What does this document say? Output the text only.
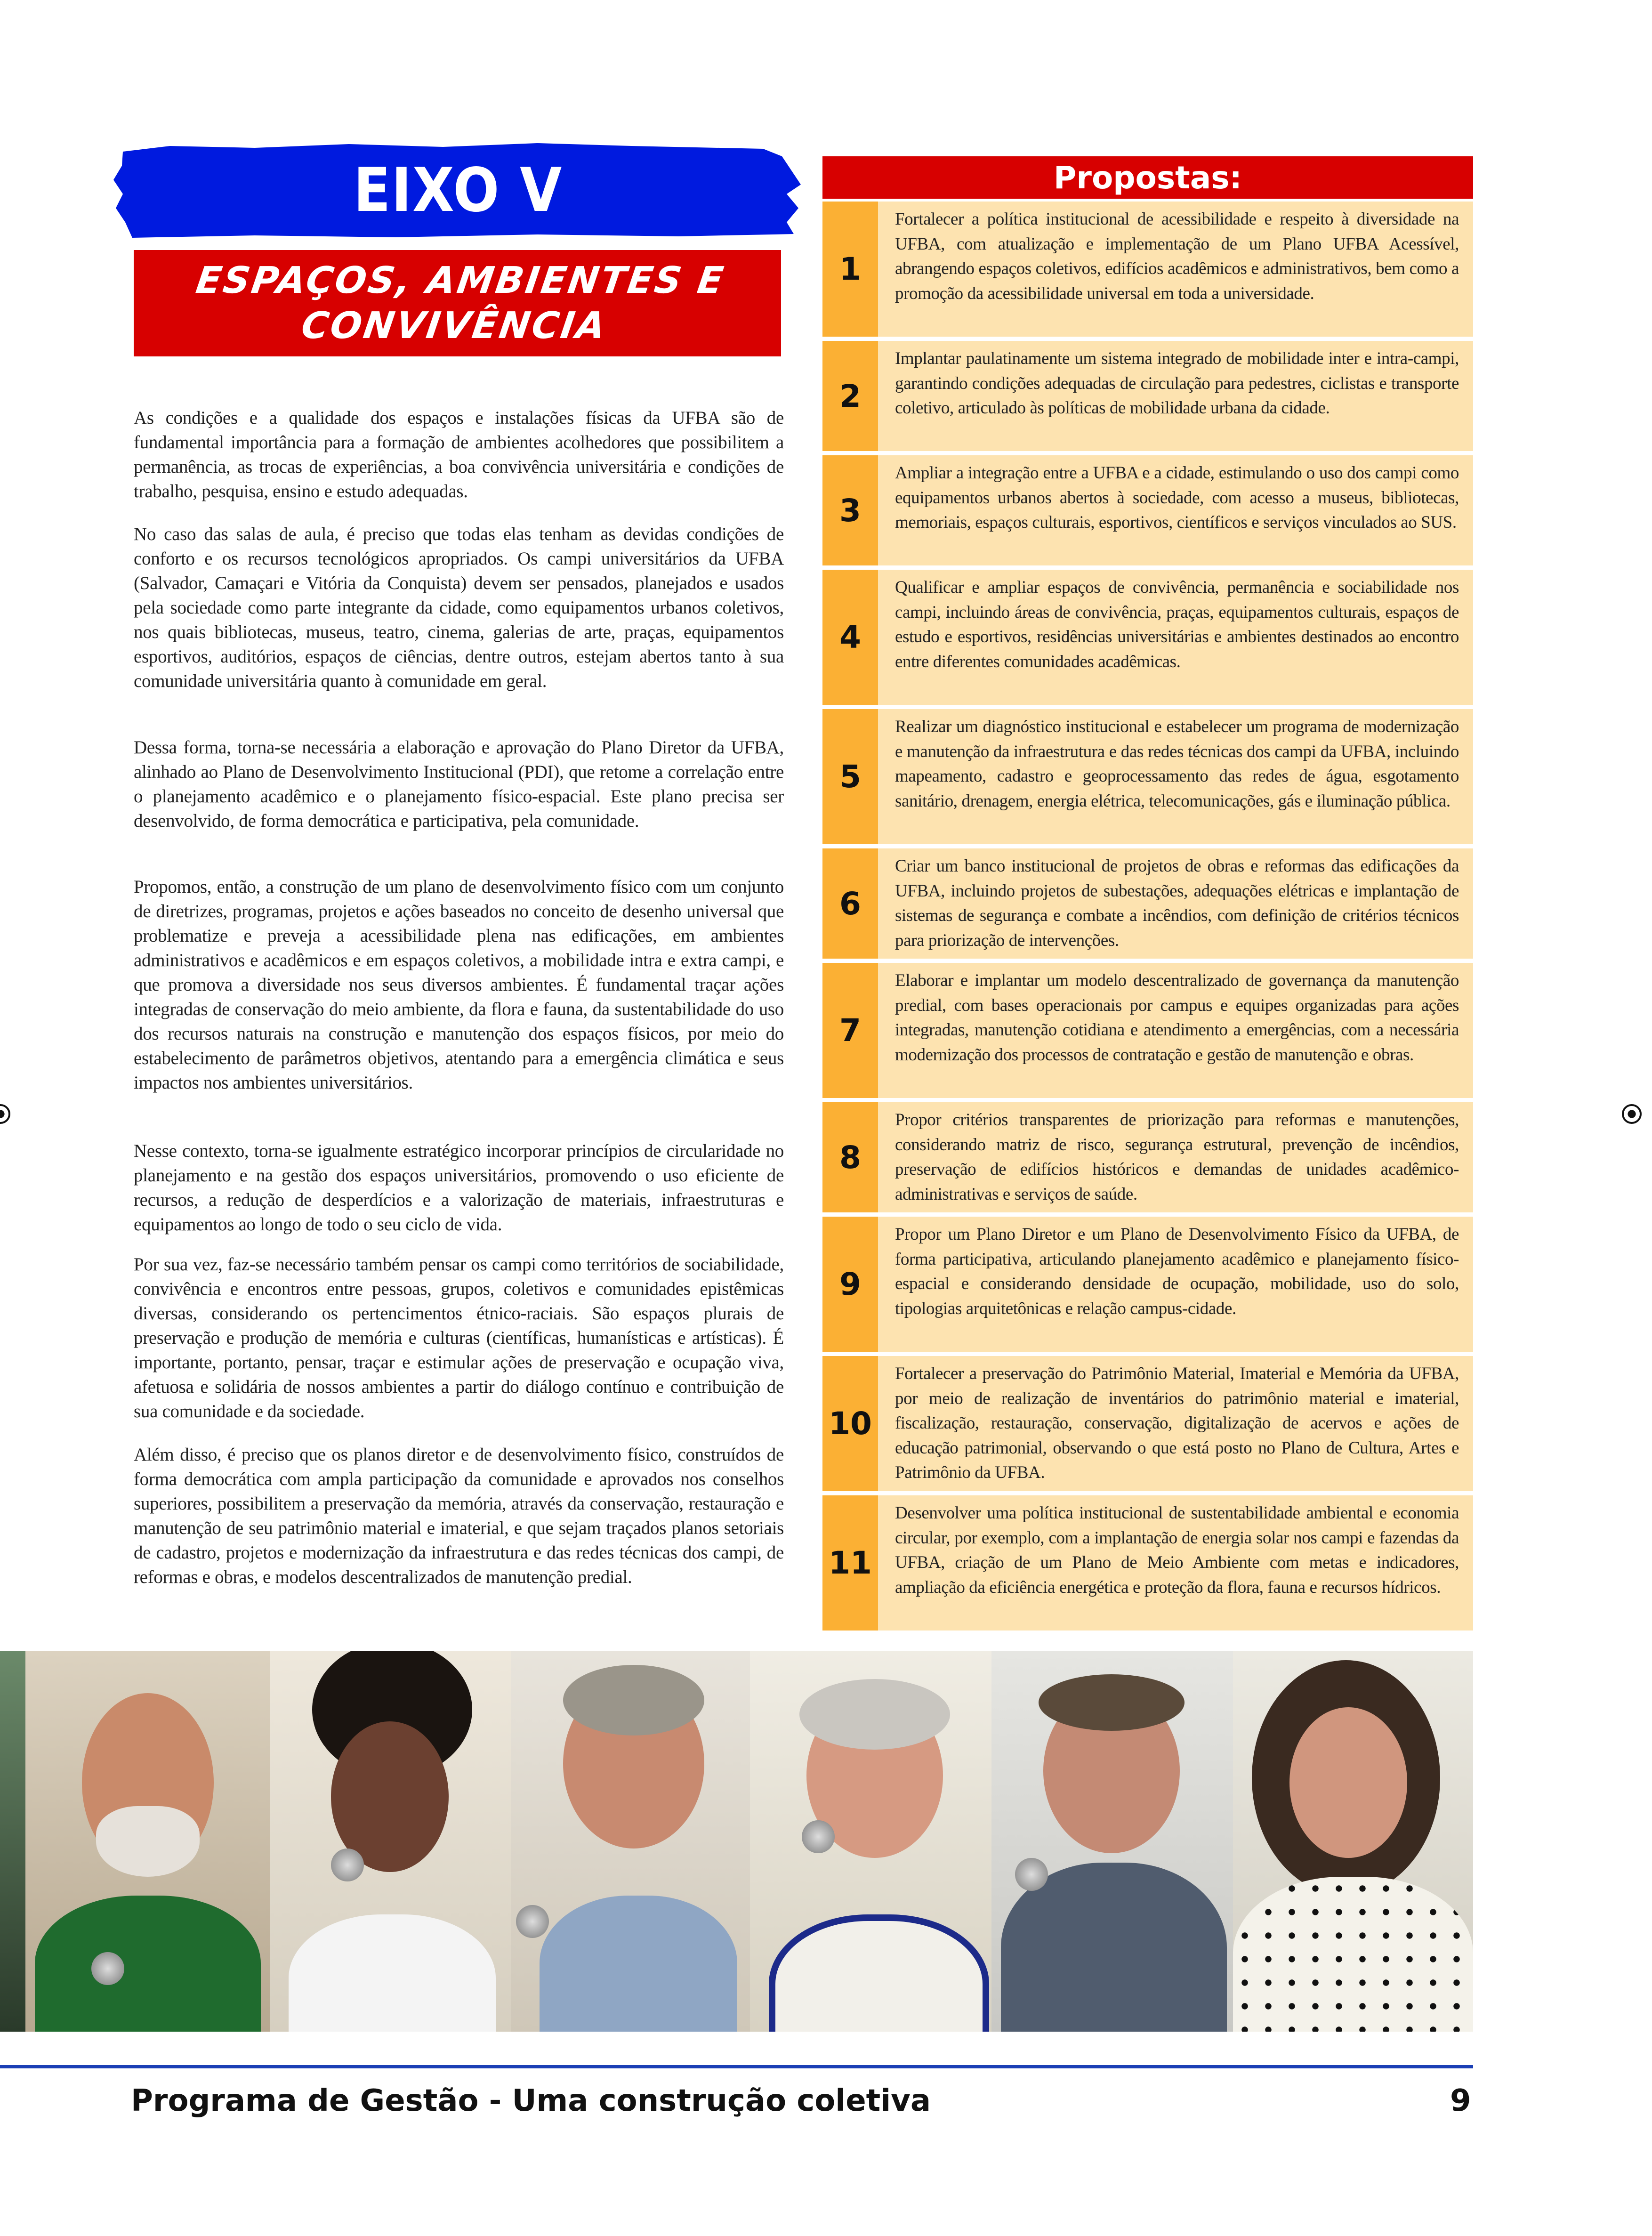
EIXO V
ESPAÇOS, AMBIENTES E CONVIVÊNCIA

As condições e a qualidade dos espaços e instalações físicas da UFBA são de fundamental importância para a formação de ambientes acolhedores que possibilitem a permanência, as trocas de experiências, a boa convivência universitária e condições de trabalho, pesquisa, ensino e estudo adequadas.

No caso das salas de aula, é preciso que todas elas tenham as devidas condições de conforto e os recursos tecnológicos apropriados. Os campi universitários da UFBA (Salvador, Camaçari e Vitória da Conquista) devem ser pensados, planejados e usados pela sociedade como parte integrante da cidade, como equipamentos urbanos coletivos, nos quais bibliotecas, museus, teatro, cinema, galerias de arte, praças, equipamentos esportivos, auditórios, espaços de ciências, dentre outros, estejam abertos tanto à sua comunidade universitária quanto à comunidade em geral.

Dessa forma, torna-se necessária a elaboração e aprovação do Plano Diretor da UFBA, alinhado ao Plano de Desenvolvimento Institucional (PDI), que retome a correlação entre o planejamento acadêmico e o planejamento físico-espacial. Este plano precisa ser desenvolvido, de forma democrática e participativa, pela comunidade.

Propomos, então, a construção de um plano de desenvolvimento físico com um conjunto de diretrizes, programas, projetos e ações baseados no conceito de desenho universal que problematize e preveja a acessibilidade plena nas edificações, em ambientes administrativos e acadêmicos e em espaços coletivos, a mobilidade intra e extra campi, e que promova a diversidade nos seus diversos ambientes. É fundamental traçar ações integradas de conservação do meio ambiente, da flora e fauna, da sustentabilidade do uso dos recursos naturais na construção e manutenção dos espaços físicos, por meio do estabelecimento de parâmetros objetivos, atentando para a emergência climática e seus impactos nos ambientes universitários.

Nesse contexto, torna-se igualmente estratégico incorporar princípios de circularidade no planejamento e na gestão dos espaços universitários, promovendo o uso eficiente de recursos, a redução de desperdícios e a valorização de materiais, infraestruturas e equipamentos ao longo de todo o seu ciclo de vida.

Por sua vez, faz-se necessário também pensar os campi como territórios de sociabilidade, convivência e encontros entre pessoas, grupos, coletivos e comunidades epistêmicas diversas, considerando os pertencimentos étnico-raciais. São espaços plurais de preservação e produção de memória e culturas (científicas, humanísticas e artísticas). É importante, portanto, pensar, traçar e estimular ações de preservação e ocupação viva, afetuosa e solidária de nossos ambientes a partir do diálogo contínuo e contribuição de sua comunidade e da sociedade.

Além disso, é preciso que os planos diretor e de desenvolvimento físico, construídos de forma democrática com ampla participação da comunidade e aprovados nos conselhos superiores, possibilitem a preservação da memória, através da conservação, restauração e manutenção de seu patrimônio material e imaterial, e que sejam traçados planos setoriais de cadastro, projetos e modernização da infraestrutura e das redes técnicas dos campi, de reformas e obras, e modelos descentralizados de manutenção predial.

Propostas:
1
Fortalecer a política institucional de acessibilidade e respeito à diversidade na UFBA, com atualização e implementação de um Plano UFBA Acessível, abrangendo espaços coletivos, edifícios acadêmicos e administrativos, bem como a promoção da acessibilidade universal em toda a universidade.
2
Implantar paulatinamente um sistema integrado de mobilidade inter e intra-campi, garantindo condições adequadas de circulação para pedestres, ciclistas e transporte coletivo, articulado às políticas de mobilidade urbana da cidade.
3
Ampliar a integração entre a UFBA e a cidade, estimulando o uso dos campi como equipamentos urbanos abertos à sociedade, com acesso a museus, bibliotecas, memoriais, espaços culturais, esportivos, científicos e serviços vinculados ao SUS.
4
Qualificar e ampliar espaços de convivência, permanência e sociabilidade nos campi, incluindo áreas de convivência, praças, equipamentos culturais, espaços de estudo e esportivos, residências universitárias e ambientes destinados ao encontro entre diferentes comunidades acadêmicas.
5
Realizar um diagnóstico institucional e estabelecer um programa de modernização e manutenção da infraestrutura e das redes técnicas dos campi da UFBA, incluindo mapeamento, cadastro e geoprocessamento das redes de água, esgotamento sanitário, drenagem, energia elétrica, telecomunicações, gás e iluminação pública.
6
Criar um banco institucional de projetos de obras e reformas das edificações da UFBA, incluindo projetos de subestações, adequações elétricas e implantação de sistemas de segurança e combate a incêndios, com definição de critérios técnicos para priorização de intervenções.
7
Elaborar e implantar um modelo descentralizado de governança da manutenção predial, com bases operacionais por campus e equipes organizadas para ações integradas, manutenção cotidiana e atendimento a emergências, com a necessária modernização dos processos de contratação e gestão de manutenção e obras.
8
Propor critérios transparentes de priorização para reformas e manutenções, considerando matriz de risco, segurança estrutural, prevenção de incêndios, preservação de edifícios históricos e demandas de unidades acadêmico-administrativas e serviços de saúde.
9
Propor um Plano Diretor e um Plano de Desenvolvimento Físico da UFBA, de forma participativa, articulando planejamento acadêmico e planejamento físico-espacial e considerando densidade de ocupação, mobilidade, uso do solo, tipologias arquitetônicas e relação campus-cidade.
10
Fortalecer a preservação do Patrimônio Material, Imaterial e Memória da UFBA, por meio de realização de inventários do patrimônio material e imaterial, fiscalização, restauração, conservação, digitalização de acervos e ações de educação patrimonial, observando o que está posto no Plano de Cultura, Artes e Patrimônio da UFBA.
11
Desenvolver uma política institucional de sustentabilidade ambiental e economia circular, por exemplo, com a implantação de energia solar nos campi e fazendas da UFBA, criação de um Plano de Meio Ambiente com metas e indicadores, ampliação da eficiência energética e proteção da flora, fauna e recursos hídricos.
Programa de Gestão - Uma construção coletiva	9
